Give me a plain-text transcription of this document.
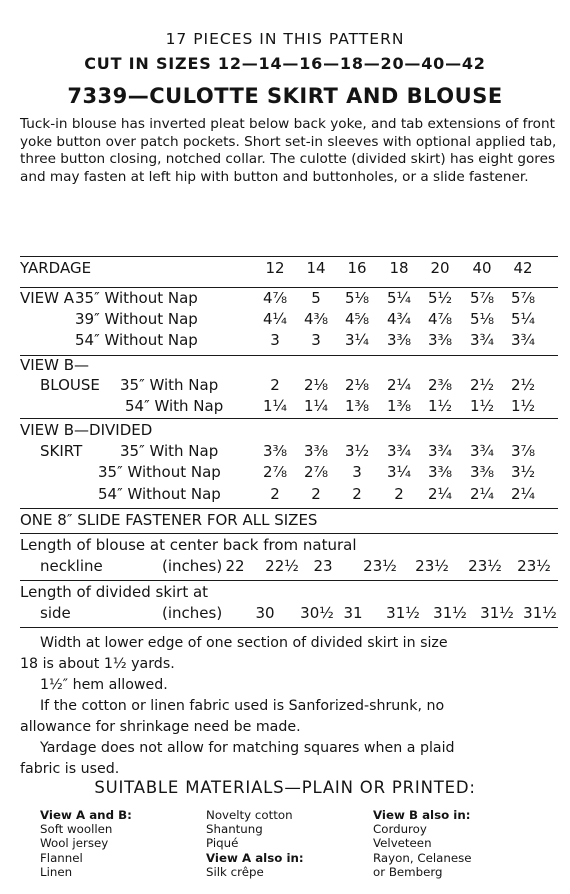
17 PIECES IN THIS PATTERN
CUT IN SIZES 12—14—16—18—20—40—42
7339—CULOTTE SKIRT AND BLOUSE
Tuck-in blouse has inverted pleat below back yoke, and tab extensions of front yoke button over patch pockets. Short set-in sleeves with optional applied tab, three button closing, notched collar. The culotte (divided skirt) has eight gores and may fasten at left hip with button and buttonholes, or a slide fastener.
YARDAGE	12	14	16	18	20	40	42
VIEW A 35″ Without Nap	4⅞	5	5⅛	5¼	5½	5⅞	5⅞
39″ Without Nap	4¼	4⅜	4⅝	4¾	4⅞	5⅛	5¼
54″ Without Nap	3	3	3¼	3⅜	3⅜	3¾	3¾
VIEW B—
BLOUSE 35″ With Nap	2	2⅛	2⅛	2¼	2⅜	2½	2½
54″ With Nap	1¼	1¼	1⅜	1⅜	1½	1½	1½
VIEW B—DIVIDED
SKIRT	35″ With Nap	3⅜	3⅜	3½	3¾	3¾	3¾	3⅞
35″ Without Nap	2⅞	2⅞	3	3¼	3⅜	3⅜	3½
54″ Without Nap	2	2	2	2	2¼	2¼	2¼
ONE 8″ SLIDE FASTENER FOR ALL SIZES
Length of blouse at center back from natural
neckline	(inches) 22	22½ 23	23½ 23½ 23½ 23½
Length of divided skirt at
side	(inches)	30	30½ 31	31½ 31½ 31½ 31½
Width at lower edge of one section of divided skirt in size
18 is about 1½ yards.
1½″ hem allowed.
If the cotton or linen fabric used is Sanforized-shrunk, no
allowance for shrinkage need be made.
Yardage does not allow for matching squares when a plaid
fabric is used.
SUITABLE MATERIALS—PLAIN OR PRINTED:
View A and B:
Soft woollen
Wool jersey
Flannel
Linen
Novelty cotton
Shantung
Piqué
View A also in:
Silk crêpe
View B also in:
Corduroy
Velveteen
Rayon, Celanese
or Bemberg
